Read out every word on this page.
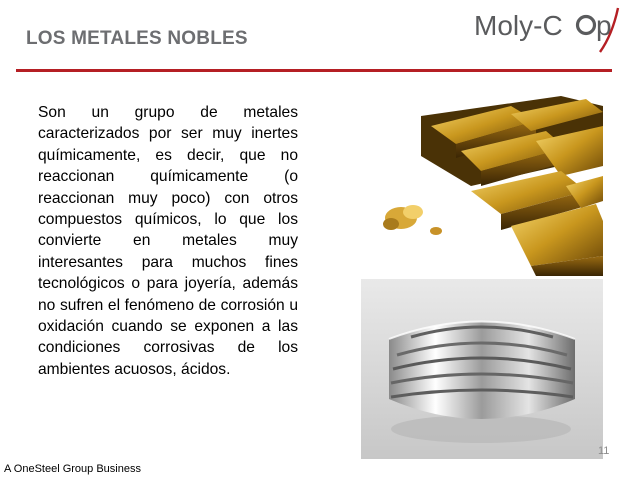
LOS METALES NOBLES	Moly-C p
Son un grupo de metales caracterizados por ser muy inertes químicamente, es decir, que no reaccionan químicamente (o reaccionan muy poco) con otros compuestos químicos, lo que los convierte en metales muy interesantes para muchos fines tecnológicos o para joyería, además no sufren el fenómeno de corrosión u oxidación cuando se exponen a las condiciones corrosivas de los ambientes acuosos, ácidos.
11
A OneSteel Group Business
